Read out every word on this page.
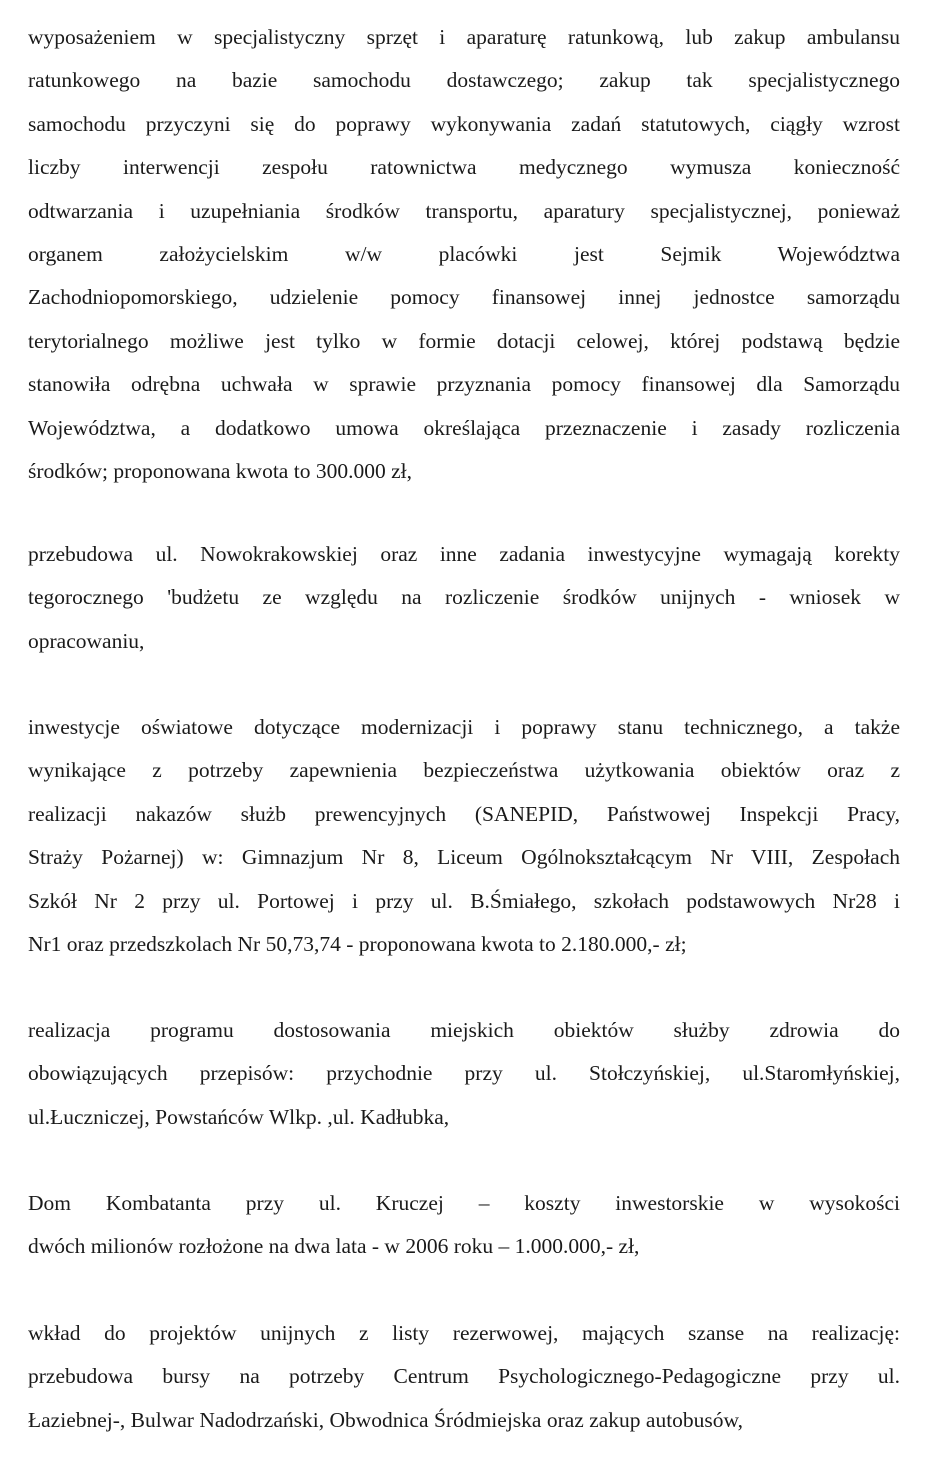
wyposażeniem w specjalistyczny sprzęt i aparaturę ratunkową, lub zakup ambulansu
ratunkowego na bazie samochodu dostawczego; zakup tak specjalistycznego
samochodu przyczyni się do poprawy wykonywania zadań statutowych, ciągły wzrost
liczby interwencji zespołu ratownictwa medycznego wymusza konieczność
odtwarzania i uzupełniania środków transportu, aparatury specjalistycznej, ponieważ
organem założycielskim w/w placówki jest Sejmik Województwa
Zachodniopomorskiego, udzielenie pomocy finansowej innej jednostce samorządu
terytorialnego możliwe jest tylko w formie dotacji celowej, której podstawą będzie
stanowiła odrębna uchwała w sprawie przyznania pomocy finansowej dla Samorządu
Województwa, a dodatkowo umowa określająca przeznaczenie i zasady rozliczenia
środków; proponowana kwota to 300.000 zł,
przebudowa ul. Nowokrakowskiej oraz inne zadania inwestycyjne wymagają korekty
tegorocznego 'budżetu ze względu na rozliczenie środków unijnych - wniosek w
opracowaniu,
inwestycje oświatowe dotyczące modernizacji i poprawy stanu technicznego, a także
wynikające z potrzeby zapewnienia bezpieczeństwa użytkowania obiektów oraz z
realizacji nakazów służb prewencyjnych (SANEPID, Państwowej Inspekcji Pracy,
Straży Pożarnej) w: Gimnazjum Nr 8, Liceum Ogólnokształcącym Nr VIII, Zespołach
Szkół Nr 2 przy ul. Portowej i przy ul. B.Śmiałego, szkołach podstawowych Nr28 i
Nr1 oraz przedszkolach Nr 50,73,74 - proponowana kwota to 2.180.000,- zł;
realizacja programu dostosowania miejskich obiektów służby zdrowia do
obowiązujących przepisów: przychodnie przy ul. Stołczyńskiej, ul.Staromłyńskiej,
ul.Łuczniczej, Powstańców Wlkp. ,ul. Kadłubka,
Dom Kombatanta przy ul. Kruczej – koszty inwestorskie w wysokości
dwóch milionów rozłożone na dwa lata - w 2006 roku – 1.000.000,- zł,
wkład do projektów unijnych z listy rezerwowej, mających szanse na realizację:
przebudowa bursy na potrzeby Centrum Psychologicznego-Pedagogiczne przy ul.
Łaziebnej-, Bulwar Nadodrzański, Obwodnica Śródmiejska oraz zakup autobusów,
